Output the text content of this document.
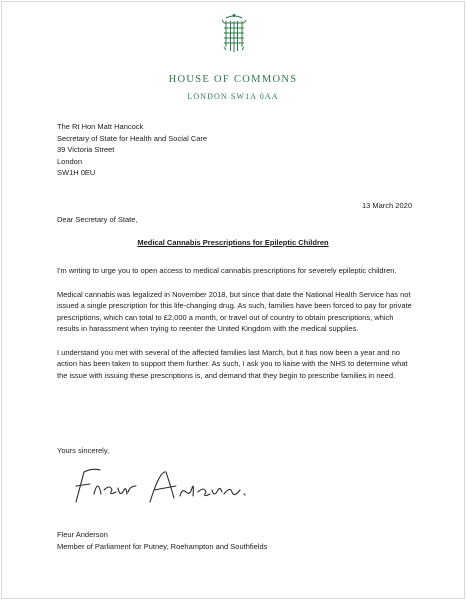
HOUSE OF COMMONS
LONDON SW1A 0AA
The Rt Hon Matt Hancock
Secretary of State for Health and Social Care
39 Victoria Street
London
SW1H 0EU
13 March 2020
Dear Secretary of State,
Medical Cannabis Prescriptions for Epileptic Children

I'm writing to urge you to open access to medical cannabis prescriptions for severely epileptic children.

Medical cannabis was legalized in November 2018, but since that date the National Health Service has not issued a single prescription for this life-changing drug. As such, families have been forced to pay for private prescriptions, which can total to £2,000 a month, or travel out of country to obtain prescriptions, which results in harassment when trying to reenter the United Kingdom with the medical supplies.

I understand you met with several of the affected families last March, but it has now been a year and no action has been taken to support them further. As such, I ask you to liaise with the NHS to determine what the issue with issuing these prescriptions is, and demand that they begin to prescribe families in need.

Yours sincerely,
Fleur Anderson
Member of Parliament for Putney, Roehampton and Southfields
